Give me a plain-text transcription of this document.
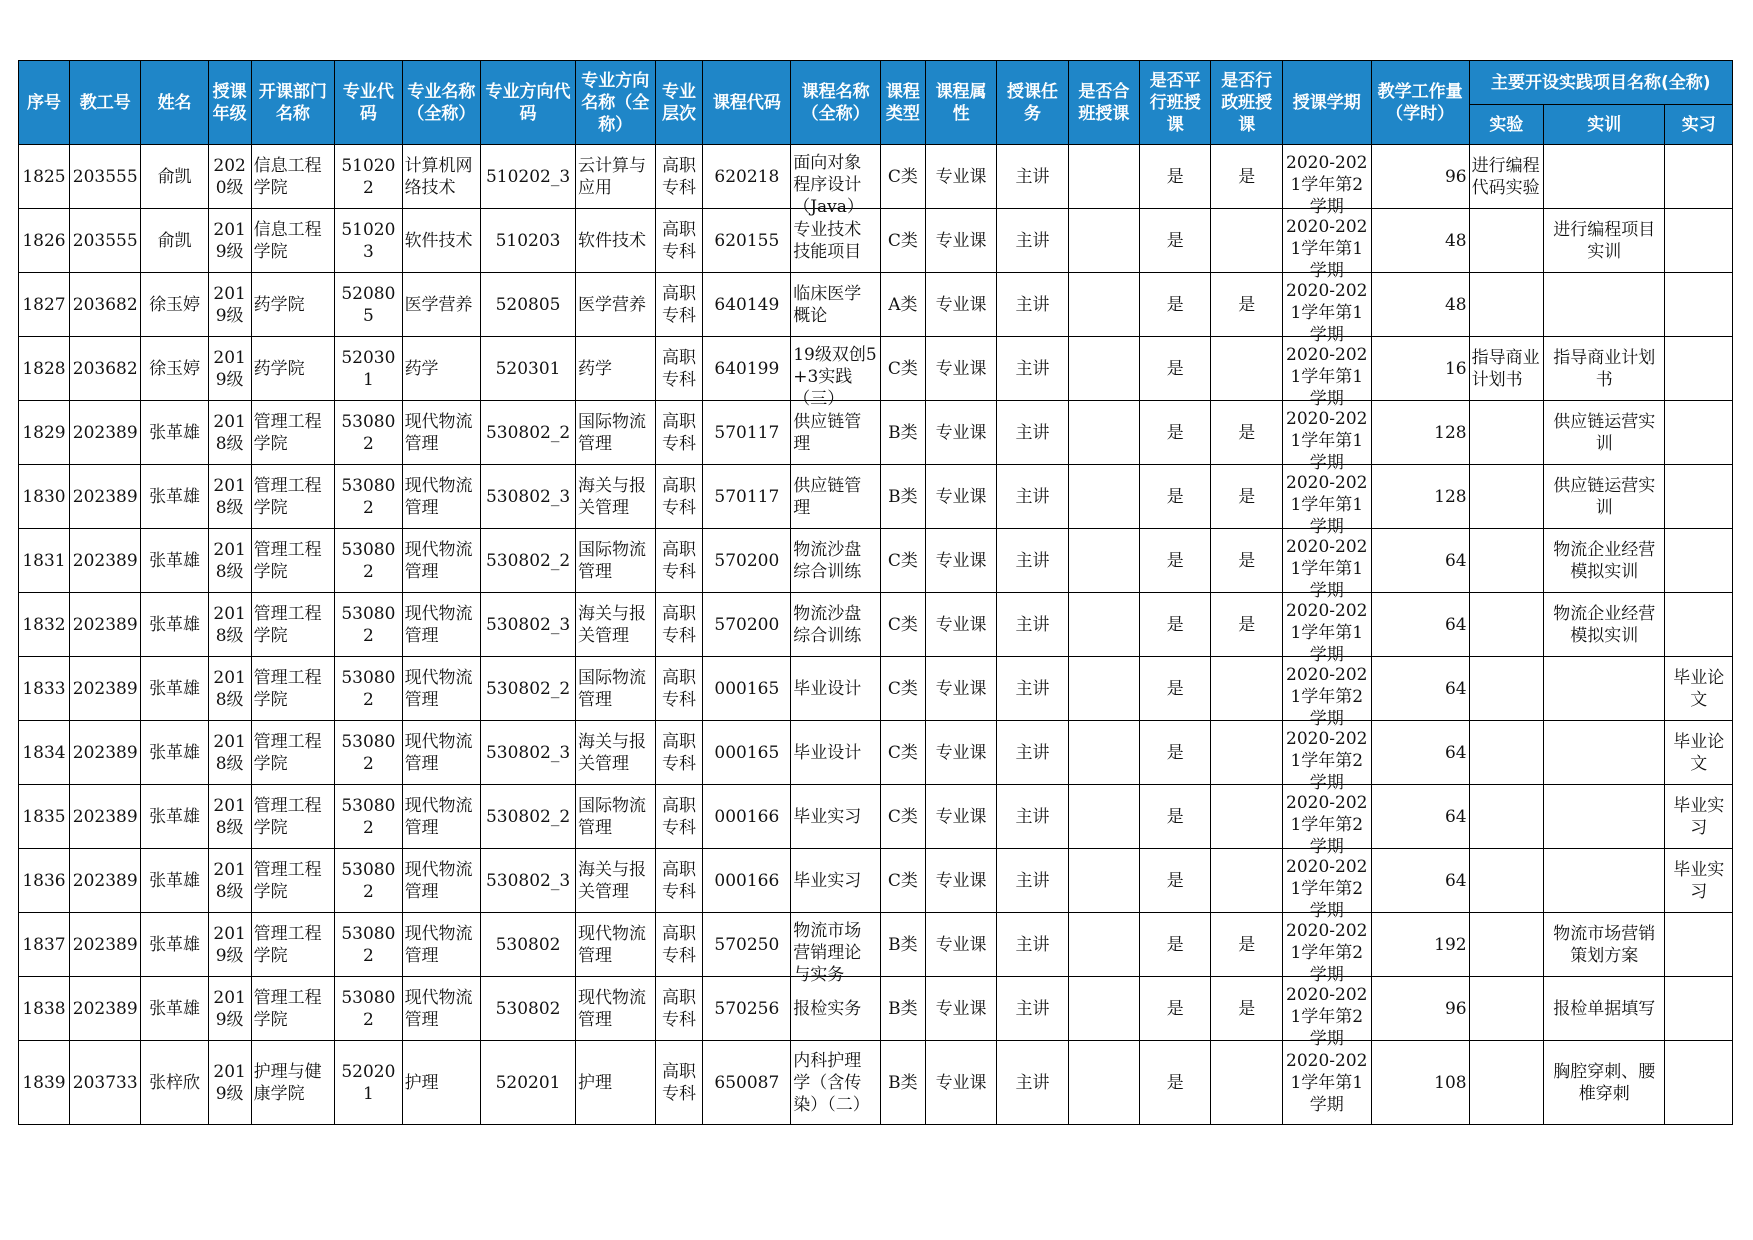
序号	教工号	姓名	授课年级	开课部门名称	专业代码	专业名称（全称）	专业方向代码	专业方向名称（全称）	专业层次	课程代码	课程名称（全称）	课程类型	课程属性	授课任务	是否合班授课	是否平行班授课	是否行政班授课	授课学期	教学工作量（学时）	主要开设实践项目名称(全称)		
																				实验	实训	实习

1825	203555	俞凯	2020级	信息工程学院	510202	计算机网络技术	510202_3	云计算与应用	高职专科	620218	面向对象程序设计（Java）	C类	专业课	主讲		是	是	2020-2021学年第2学期	96	进行编程代码实验		

1826	203555	俞凯	2019级	信息工程学院	510203	软件技术	510203	软件技术	高职专科	620155	专业技术技能项目	C类	专业课	主讲		是		2020-2021学年第1学期	48		进行编程项目实训	

1827	203682	徐玉婷	2019级	药学院	520805	医学营养	520805	医学营养	高职专科	640149	临床医学概论	A类	专业课	主讲		是	是	2020-2021学年第1学期	48			

1828	203682	徐玉婷	2019级	药学院	520301	药学	520301	药学	高职专科	640199	19级双创5+3实践（三）	C类	专业课	主讲		是		2020-2021学年第1学期	16	指导商业计划书	指导商业计划书	

1829	202389	张革雄	2018级	管理工程学院	530802	现代物流管理	530802_2	国际物流管理	高职专科	570117	供应链管理	B类	专业课	主讲		是	是	2020-2021学年第1学期	128		供应链运营实训	

1830	202389	张革雄	2018级	管理工程学院	530802	现代物流管理	530802_3	海关与报关管理	高职专科	570117	供应链管理	B类	专业课	主讲		是	是	2020-2021学年第1学期	128		供应链运营实训	

1831	202389	张革雄	2018级	管理工程学院	530802	现代物流管理	530802_2	国际物流管理	高职专科	570200	物流沙盘综合训练	C类	专业课	主讲		是	是	2020-2021学年第1学期	64		物流企业经营模拟实训	

1832	202389	张革雄	2018级	管理工程学院	530802	现代物流管理	530802_3	海关与报关管理	高职专科	570200	物流沙盘综合训练	C类	专业课	主讲		是	是	2020-2021学年第1学期	64		物流企业经营模拟实训	

1833	202389	张革雄	2018级	管理工程学院	530802	现代物流管理	530802_2	国际物流管理	高职专科	000165	毕业设计	C类	专业课	主讲		是		2020-2021学年第2学期	64			毕业论文

1834	202389	张革雄	2018级	管理工程学院	530802	现代物流管理	530802_3	海关与报关管理	高职专科	000165	毕业设计	C类	专业课	主讲		是		2020-2021学年第2学期	64			毕业论文

1835	202389	张革雄	2018级	管理工程学院	530802	现代物流管理	530802_2	国际物流管理	高职专科	000166	毕业实习	C类	专业课	主讲		是		2020-2021学年第2学期	64			毕业实习

1836	202389	张革雄	2018级	管理工程学院	530802	现代物流管理	530802_3	海关与报关管理	高职专科	000166	毕业实习	C类	专业课	主讲		是		2020-2021学年第2学期	64			毕业实习

1837	202389	张革雄	2019级	管理工程学院	530802	现代物流管理	530802	现代物流管理	高职专科	570250	物流市场营销理论与实务	B类	专业课	主讲		是	是	2020-2021学年第2学期	192		物流市场营销策划方案	

1838	202389	张革雄	2019级	管理工程学院	530802	现代物流管理	530802	现代物流管理	高职专科	570256	报检实务	B类	专业课	主讲		是	是	2020-2021学年第2学期	96		报检单据填写	

1839	203733	张梓欣	2019级	护理与健康学院	520201	护理	520201	护理	高职专科	650087	内科护理学（含传染）（二）	B类	专业课	主讲		是		2020-2021学年第1学期	108		胸腔穿刺、腰椎穿刺	
